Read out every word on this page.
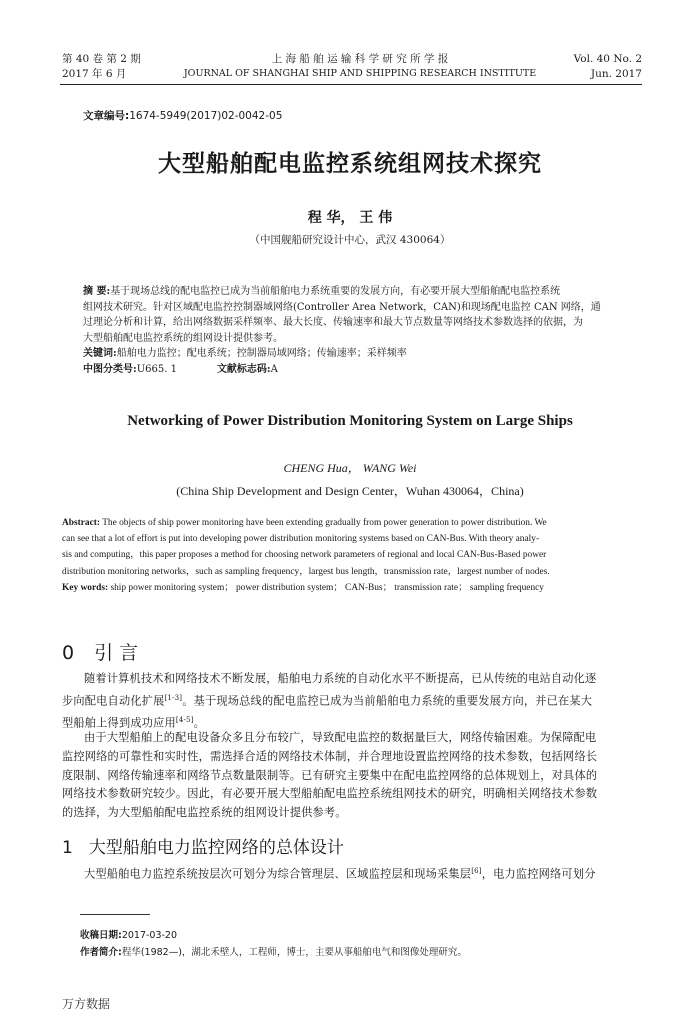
第 40 卷 第 2 期
2017 年 6 月
上 海 船 舶 运 输 科 学 研 究 所 学 报
JOURNAL OF SHANGHAI SHIP AND SHIPPING RESEARCH INSTITUTE
Vol. 40 No. 2
Jun. 2017
文章编号:1674-5949(2017)02-0042-05
大型船舶配电监控系统组网技术探究
程 华， 王 伟
（中国舰船研究设计中心，武汉 430064）
摘 要:基于现场总线的配电监控已成为当前船舶电力系统重要的发展方向，有必要开展大型船舶配电监控系统
组网技术研究。针对区域配电监控控制器域网络(Controller Area Network，CAN)和现场配电监控 CAN 网络，通
过理论分析和计算，给出网络数据采样频率、最大长度、传输速率和最大节点数量等网络技术参数选择的依据，为
大型船舶配电监控系统的组网设计提供参考。
关键词:船舶电力监控；配电系统；控制器局域网络；传输速率；采样频率
中图分类号:U665. 1	文献标志码:A
Networking of Power Distribution Monitoring System on Large Ships
CHENG Hua， WANG Wei
(China Ship Development and Design Center，Wuhan 430064，China)
Abstract: The objects of ship power monitoring have been extending gradually from power generation to power distribution. We
can see that a lot of effort is put into developing power distribution monitoring systems based on CAN-Bus. With theory analy-
sis and computing，this paper proposes a method for choosing network parameters of regional and local CAN-Bus-Based power
distribution monitoring networks，such as sampling frequency，largest bus length，transmission rate，largest number of nodes.
Key words: ship power monitoring system； power distribution system； CAN-Bus； transmission rate； sampling frequency
0 引 言
随着计算机技术和网络技术不断发展，船舶电力系统的自动化水平不断提高，已从传统的电站自动化逐
步向配电自动化扩展[1-3]。基于现场总线的配电监控已成为当前船舶电力系统的重要发展方向，并已在某大
型船舶上得到成功应用[4-5]。
由于大型船舶上的配电设备众多且分布较广，导致配电监控的数据量巨大，网络传输困难。为保障配电
监控网络的可靠性和实时性，需选择合适的网络技术体制，并合理地设置监控网络的技术参数，包括网络长
度限制、网络传输速率和网络节点数量限制等。已有研究主要集中在配电监控网络的总体规划上，对具体的
网络技术参数研究较少。因此，有必要开展大型船舶配电监控系统组网技术的研究，明确相关网络技术参数
的选择，为大型船舶配电监控系统的组网设计提供参考。
1 大型船舶电力监控网络的总体设计
大型船舶电力监控系统按层次可划分为综合管理层、区域监控层和现场采集层[6]，电力监控网络可划分
收稿日期:2017-03-20
作者简介:程华(1982—)，湖北禾壁人，工程师，博士，主要从事船舶电气和图像处理研究。
万方数据
